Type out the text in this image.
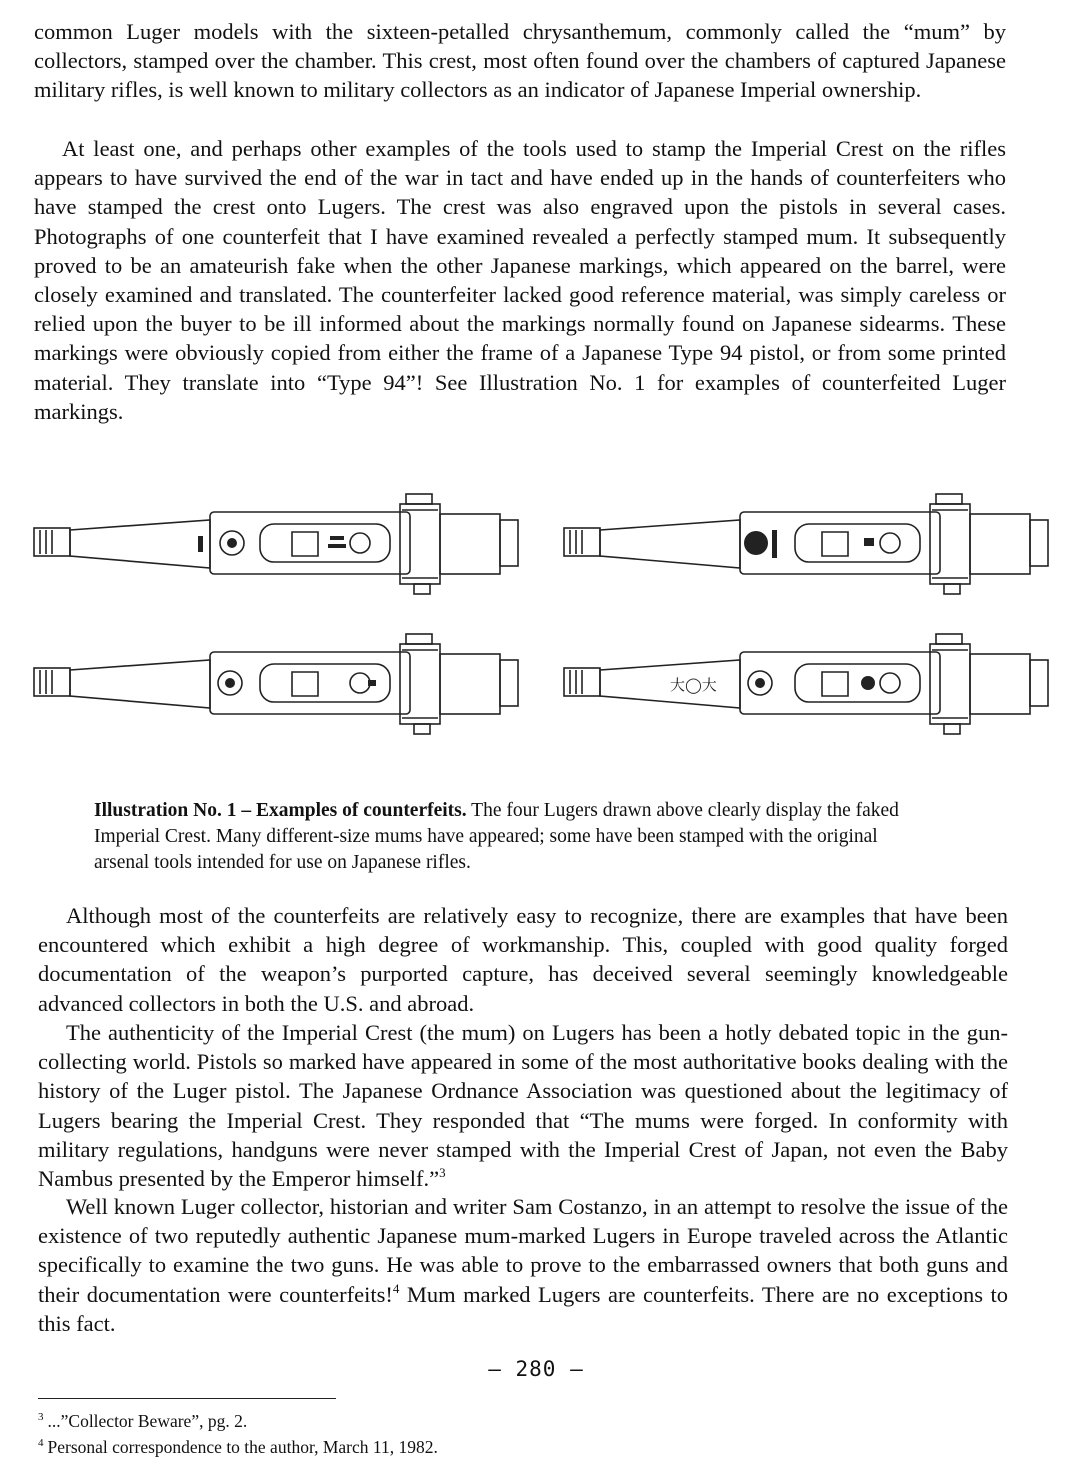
common Luger models with the sixteen-petalled chrysanthemum, commonly called the “mum” by collectors, stamped over the chamber. This crest, most often found over the chambers of captured Japanese military rifles, is well known to military collectors as an indicator of Japanese Imperial ownership.

At least one, and perhaps other examples of the tools used to stamp the Imperial Crest on the rifles appears to have survived the end of the war in tact and have ended up in the hands of counterfeiters who have stamped the crest onto Lugers. The crest was also engraved upon the pistols in several cases. Photographs of one counterfeit that I have examined revealed a perfectly stamped mum. It subsequently proved to be an amateurish fake when the other Japanese markings, which appeared on the barrel, were closely examined and translated. The counterfeiter lacked good reference material, was simply careless or relied upon the buyer to be ill informed about the markings normally found on Japanese sidearms. These markings were obviously copied from either the frame of a Japanese Type 94 pistol, or from some printed material. They translate into “Type 94”! See Illustration No. 1 for examples of counterfeited Luger markings.

大◯大

Illustration No. 1 – Examples of counterfeits. The four Lugers drawn above clearly display the faked Imperial Crest. Many different-size mums have appeared; some have been stamped with the original arsenal tools intended for use on Japanese rifles.

Although most of the counterfeits are relatively easy to recognize, there are examples that have been encountered which exhibit a high degree of workmanship. This, coupled with good quality forged documentation of the weapon’s purported capture, has deceived several seemingly knowledgeable advanced collectors in both the U.S. and abroad.

The authenticity of the Imperial Crest (the mum) on Lugers has been a hotly debated topic in the gun-collecting world. Pistols so marked have appeared in some of the most authoritative books dealing with the history of the Luger pistol. The Japanese Ordnance Association was questioned about the legitimacy of Lugers bearing the Imperial Crest. They responded that “The mums were forged. In conformity with military regulations, handguns were never stamped with the Imperial Crest of Japan, not even the Baby Nambus presented by the Emperor himself.”$^3$

Well known Luger collector, historian and writer Sam Costanzo, in an attempt to resolve the issue of the existence of two reputedly authentic Japanese mum-marked Lugers in Europe traveled across the Atlantic specifically to examine the two guns. He was able to prove to the embarrassed owners that both guns and their documentation were counterfeits!$^4$ Mum marked Lugers are counterfeits. There are no exceptions to this fact.

– 280 –

$^3$ ...”Collector Beware”, pg. 2.

$^4$ Personal correspondence to the author, March 11, 1982.
